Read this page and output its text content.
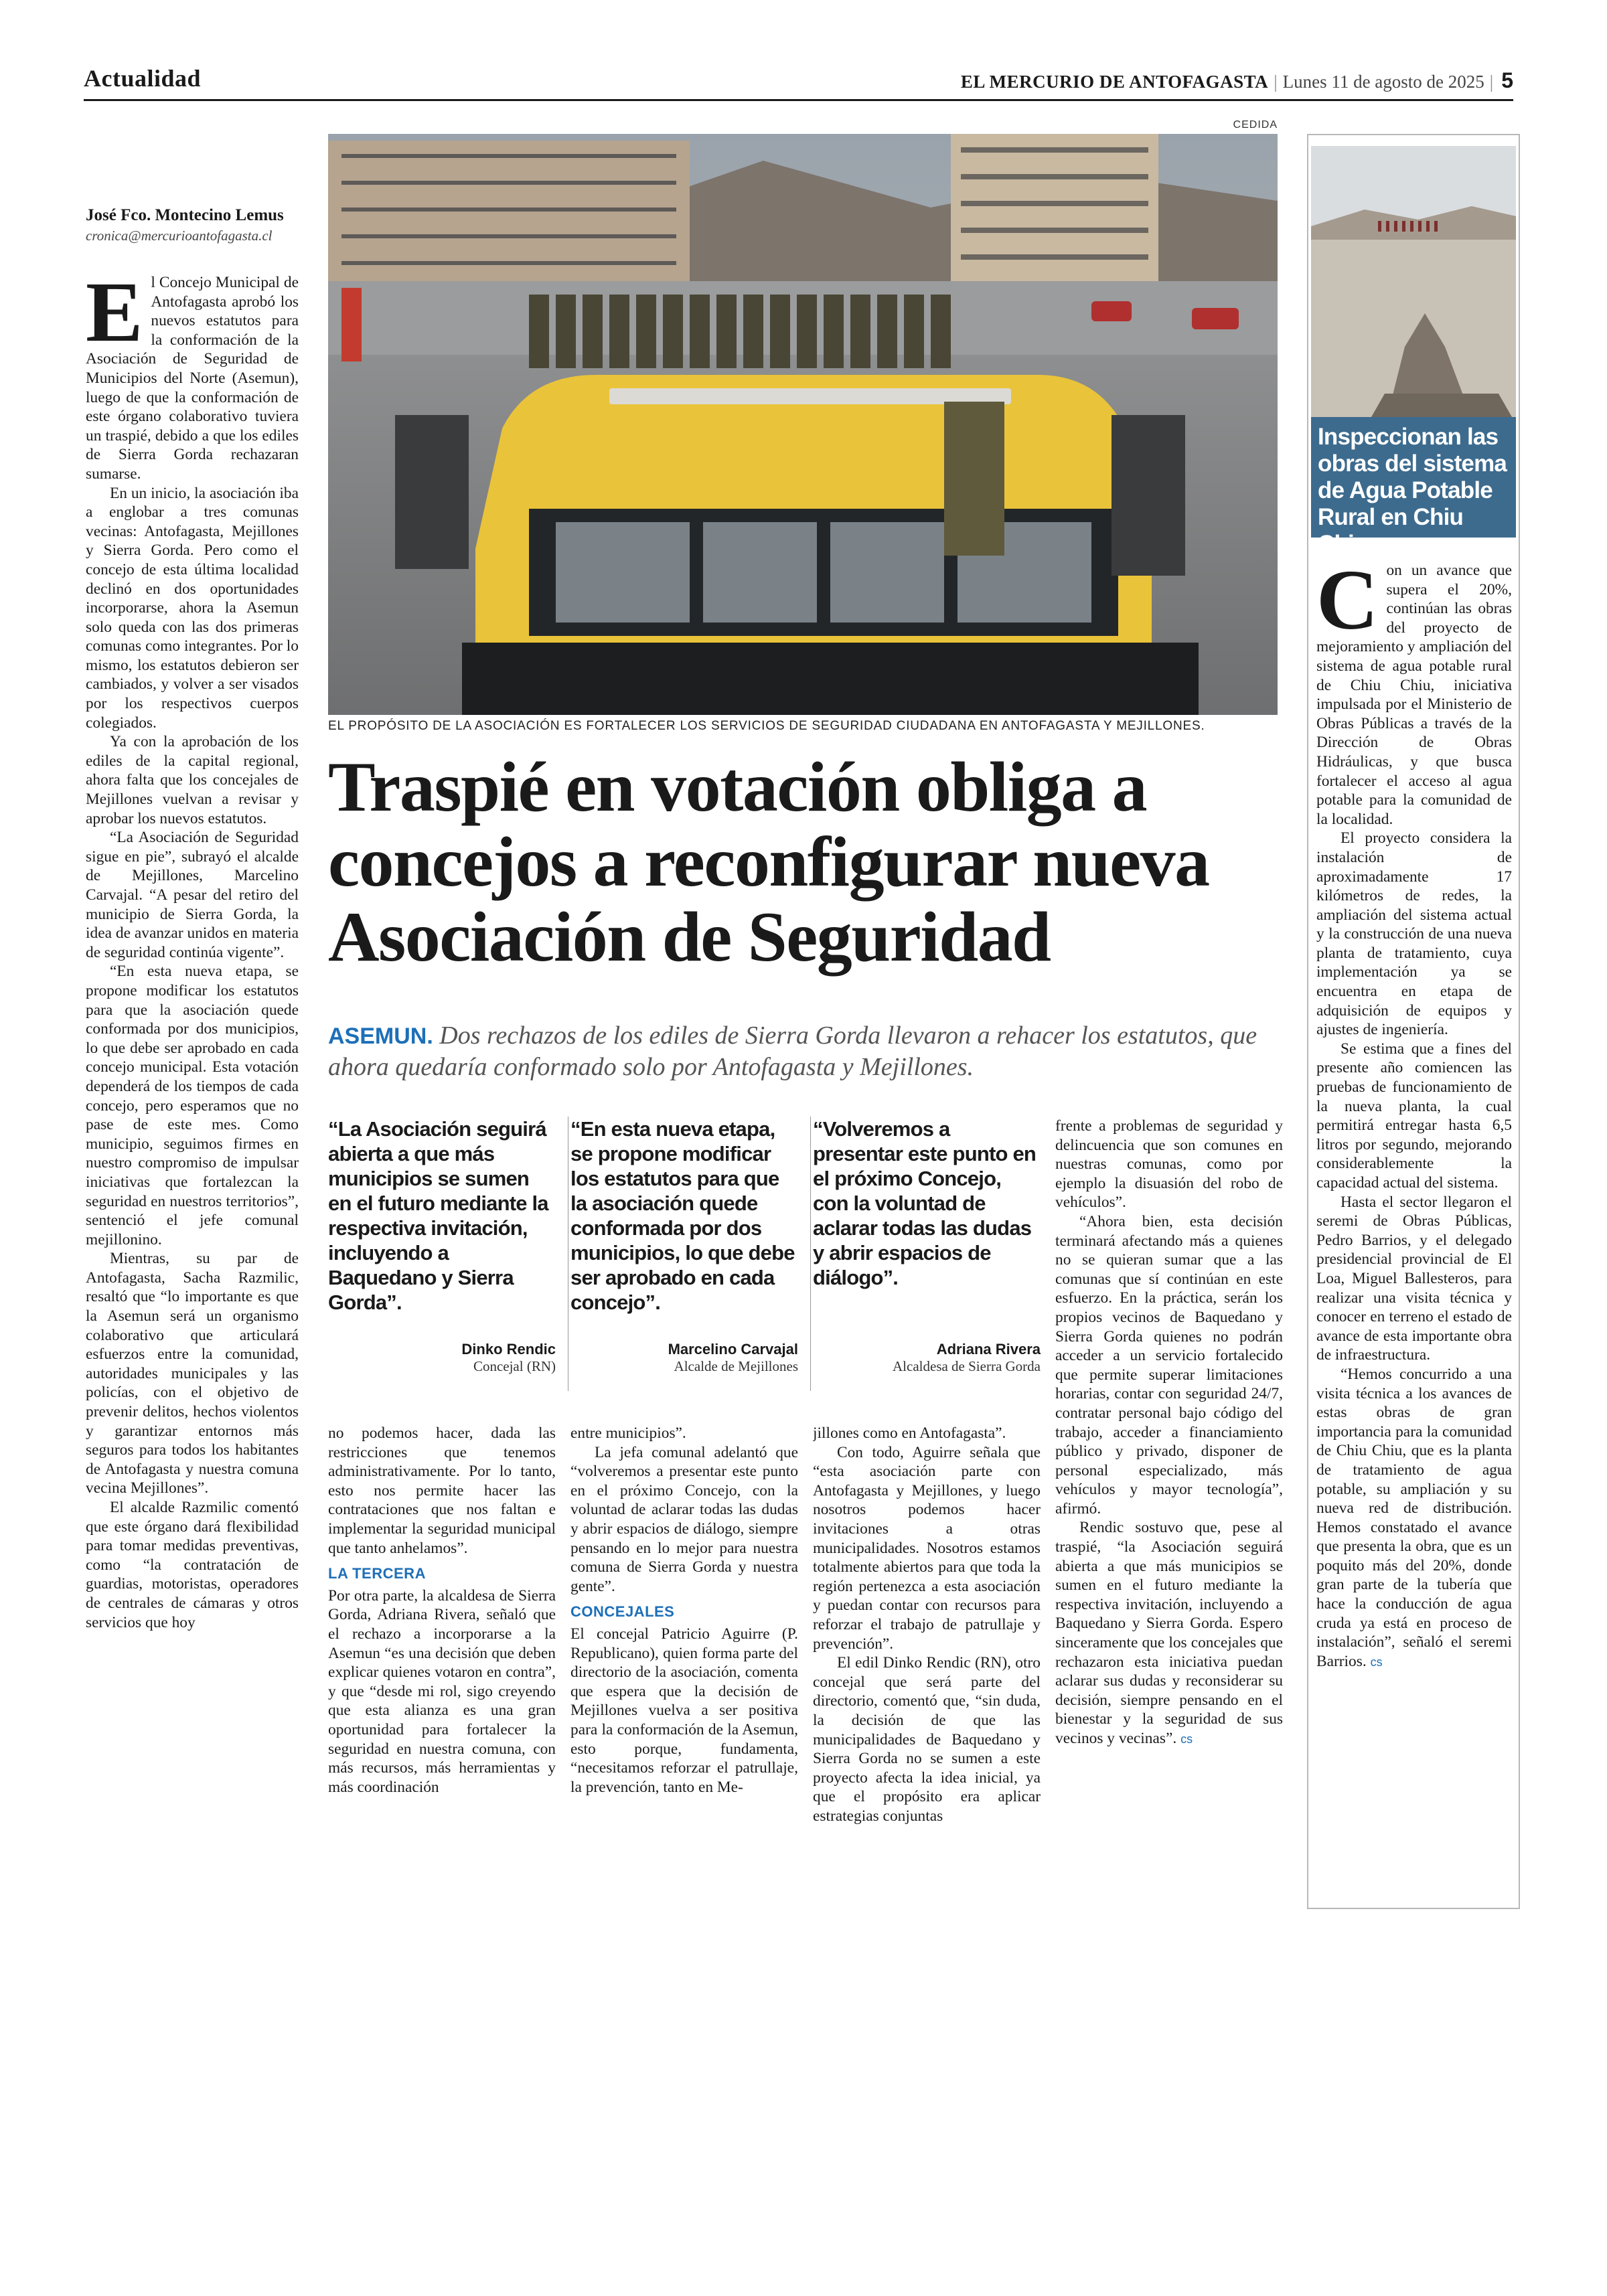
Actualidad	EL MERCURIO DE ANTOFAGASTA | Lunes 11 de agosto de 2025 | 5
CEDIDA
EL PROPÓSITO DE LA ASOCIACIÓN ES FORTALECER LOS SERVICIOS DE SEGURIDAD CIUDADANA EN ANTOFAGASTA Y MEJILLONES.
José Fco. Montecino Lemus
cronica@mercurioantofagasta.cl

El Concejo Municipal de Antofagasta aprobó los nuevos estatutos para la conformación de la Asociación de Seguridad de Municipios del Norte (Asemun), luego de que la conformación de este órgano colaborativo tuviera un traspié, debido a que los ediles de Sierra Gorda rechazaran sumarse.

En un inicio, la asociación iba a englobar a tres comunas vecinas: Antofagasta, Mejillones y Sierra Gorda. Pero como el concejo de esta última localidad declinó en dos oportunidades incorporarse, ahora la Asemun solo queda con las dos primeras comunas como integrantes. Por lo mismo, los estatutos debieron ser cambiados, y volver a ser visados por los respectivos cuerpos colegiados.

Ya con la aprobación de los ediles de la capital regional, ahora falta que los concejales de Mejillones vuelvan a revisar y aprobar los nuevos estatutos.

“La Asociación de Seguridad sigue en pie”, subrayó el alcalde de Mejillones, Marcelino Carvajal. “A pesar del retiro del municipio de Sierra Gorda, la idea de avanzar unidos en materia de seguridad continúa vigente”.

“En esta nueva etapa, se propone modificar los estatutos para que la asociación quede conformada por dos municipios, lo que debe ser aprobado en cada concejo municipal. Esta votación dependerá de los tiempos de cada concejo, pero esperamos que no pase de este mes. Como municipio, seguimos firmes en nuestro compromiso de impulsar iniciativas que fortalezcan la seguridad en nuestros territorios”, sentenció el jefe comunal mejillonino.

Mientras, su par de Antofagasta, Sacha Razmilic, resaltó que “lo importante es que la Asemun será un organismo colaborativo que articulará esfuerzos entre la comunidad, autoridades municipales y las policías, con el objetivo de prevenir delitos, hechos violentos y garantizar entornos más seguros para todos los habitantes de Antofagasta y nuestra comuna vecina Mejillones”.

El alcalde Razmilic comentó que este órgano dará flexibilidad para tomar medidas preventivas, como “la contratación de guardias, motoristas, operadores de centrales de cámaras y otros servicios que hoy

Traspié en votación obliga a concejos a reconfigurar nueva Asociación de Seguridad
ASEMUN. Dos rechazos de los ediles de Sierra Gorda llevaron a rehacer los estatutos, que ahora quedaría conformado solo por Antofagasta y Mejillones.
“La Asociación seguirá abierta a que más municipios se sumen en el futuro mediante la respectiva invitación, incluyendo a Baquedano y Sierra Gorda”.
Dinko Rendic
Concejal (RN)
“En esta nueva etapa, se propone modificar los estatutos para que la asociación quede conformada por dos municipios, lo que debe ser aprobado en cada concejo”.
Marcelino Carvajal
Alcalde de Mejillones
“Volveremos a presentar este punto en el próximo Concejo, con la voluntad de aclarar todas las dudas y abrir espacios de diálogo”.
Adriana Rivera
Alcaldesa de Sierra Gorda

no podemos hacer, dada las restricciones que tenemos administrativamente. Por lo tanto, esto nos permite hacer las contrataciones que nos faltan e implementar la seguridad municipal que tanto anhelamos”.

LA TERCERA

Por otra parte, la alcaldesa de Sierra Gorda, Adriana Rivera, señaló que el rechazo a incorporarse a la Asemun “es una decisión que deben explicar quienes votaron en contra”, y que “desde mi rol, sigo creyendo que esta alianza es una gran oportunidad para fortalecer la seguridad en nuestra comuna, con más recursos, más herramientas y más coordinación

entre municipios”.

La jefa comunal adelantó que “volveremos a presentar este punto en el próximo Concejo, con la voluntad de aclarar todas las dudas y abrir espacios de diálogo, siempre pensando en lo mejor para nuestra comuna de Sierra Gorda y nuestra gente”.

CONCEJALES

El concejal Patricio Aguirre (P. Republicano), quien forma parte del directorio de la asociación, comenta que espera que la decisión de Mejillones vuelva a ser positiva para la conformación de la Asemun, esto porque, fundamenta, “necesitamos reforzar el patrullaje, la prevención, tanto en Me-

jillones como en Antofagasta”.

Con todo, Aguirre señala que “esta asociación parte con Antofagasta y Mejillones, y luego nosotros podemos hacer invitaciones a otras municipalidades. Nosotros estamos totalmente abiertos para que toda la región pertenezca a esta asociación y puedan contar con recursos para reforzar el trabajo de patrullaje y prevención”.

El edil Dinko Rendic (RN), otro concejal que será parte del directorio, comentó que, “sin duda, la decisión de que las municipalidades de Baquedano y Sierra Gorda no se sumen a este proyecto afecta la idea inicial, ya que el propósito era aplicar estrategias conjuntas

frente a problemas de seguridad y delincuencia que son comunes en nuestras comunas, como por ejemplo la disuasión del robo de vehículos”.

“Ahora bien, esta decisión terminará afectando más a quienes no se quieran sumar que a las comunas que sí continúan en este esfuerzo. En la práctica, serán los propios vecinos de Baquedano y Sierra Gorda quienes no podrán acceder a un servicio fortalecido que permite superar limitaciones horarias, contar con seguridad 24/7, contratar personal bajo código del trabajo, acceder a financiamiento público y privado, disponer de personal especializado, más vehículos y mayor tecnología”, afirmó.

Rendic sostuvo que, pese al traspié, “la Asociación seguirá abierta a que más municipios se sumen en el futuro mediante la respectiva invitación, incluyendo a Baquedano y Sierra Gorda. Espero sinceramente que los concejales que rechazaron esta iniciativa puedan aclarar sus dudas y reconsiderar su decisión, siempre pensando en el bienestar y la seguridad de sus vecinos y vecinas”. cs

Inspeccionan las obras del sistema de Agua Potable Rural en Chiu Chiu

Con un avance que supera el 20%, continúan las obras del proyecto de mejoramiento y ampliación del sistema de agua potable rural de Chiu Chiu, iniciativa impulsada por el Ministerio de Obras Públicas a través de la Dirección de Obras Hidráulicas, y que busca fortalecer el acceso al agua potable para la comunidad de la localidad.

El proyecto considera la instalación de aproximadamente 17 kilómetros de redes, la ampliación del sistema actual y la construcción de una nueva planta de tratamiento, cuya implementación ya se encuentra en etapa de adquisición de equipos y ajustes de ingeniería.

Se estima que a fines del presente año comiencen las pruebas de funcionamiento de la nueva planta, la cual permitirá entregar hasta 6,5 litros por segundo, mejorando considerablemente la capacidad actual del sistema.

Hasta el sector llegaron el seremi de Obras Públicas, Pedro Barrios, y el delegado presidencial provincial de El Loa, Miguel Ballesteros, para realizar una visita técnica y conocer en terreno el estado de avance de esta importante obra de infraestructura.

“Hemos concurrido a una visita técnica a los avances de estas obras de gran importancia para la comunidad de Chiu Chiu, que es la planta de tratamiento de agua potable, su ampliación y su nueva red de distribución. Hemos constatado el avance que presenta la obra, que es un poquito más del 20%, donde gran parte de la tubería que hace la conducción de agua cruda ya está en proceso de instalación”, señaló el seremi Barrios. cs
